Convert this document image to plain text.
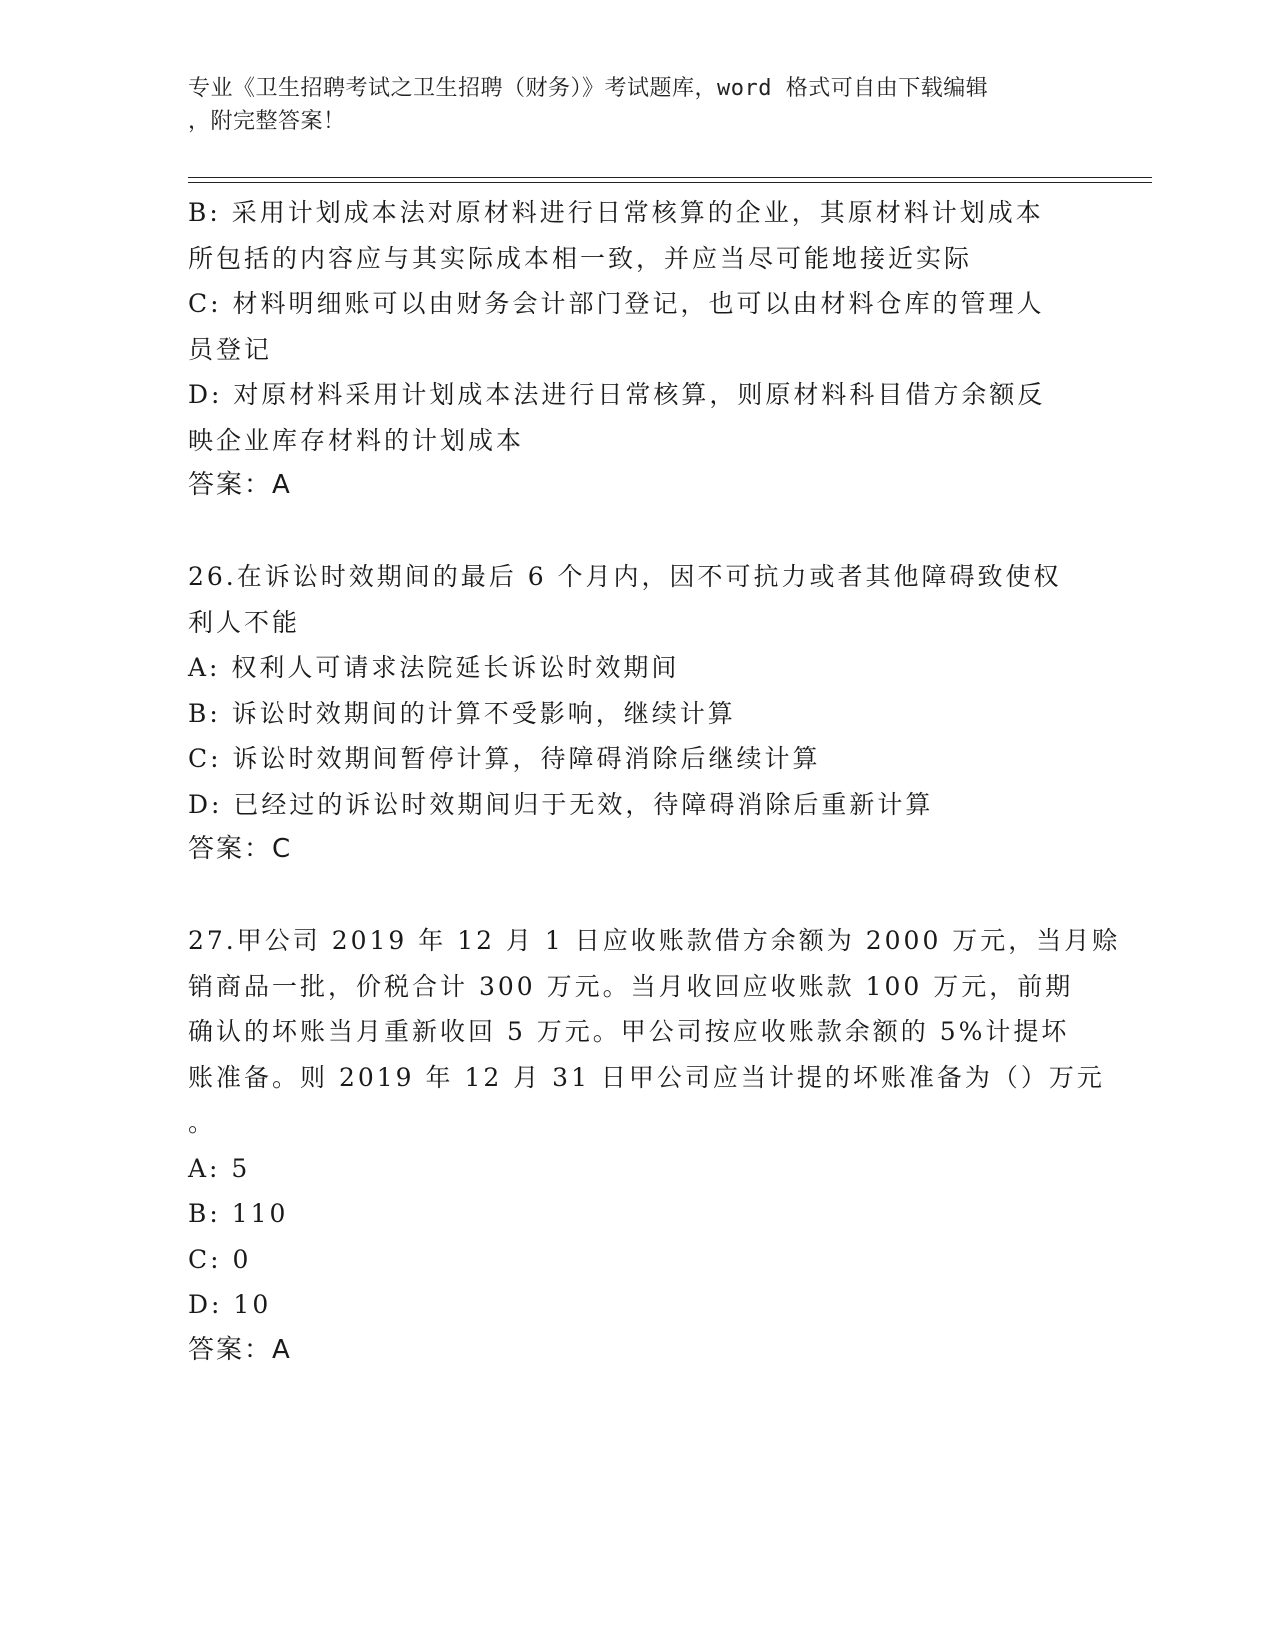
专业《卫生招聘考试之卫生招聘（财务）》考试题库，word 格式可自由下载编辑
，附完整答案！
B: 采用计划成本法对原材料进行日常核算的企业，其原材料计划成本
所包括的内容应与其实际成本相一致，并应当尽可能地接近实际
C: 材料明细账可以由财务会计部门登记，也可以由材料仓库的管理人
员登记
D: 对原材料采用计划成本法进行日常核算，则原材料科目借方余额反
映企业库存材料的计划成本
答案：A
26.在诉讼时效期间的最后 6 个月内，因不可抗力或者其他障碍致使权
利人不能
A: 权利人可请求法院延长诉讼时效期间
B: 诉讼时效期间的计算不受影响，继续计算
C: 诉讼时效期间暂停计算，待障碍消除后继续计算
D: 已经过的诉讼时效期间归于无效，待障碍消除后重新计算
答案：C
27.甲公司 2019 年 12 月 1 日应收账款借方余额为 2000 万元，当月赊
销商品一批，价税合计 300 万元。当月收回应收账款 100 万元，前期
确认的坏账当月重新收回 5 万元。甲公司按应收账款余额的 5%计提坏
账准备。则 2019 年 12 月 31 日甲公司应当计提的坏账准备为（）万元
。
A: 5
B: 110
C: 0
D: 10
答案：A
